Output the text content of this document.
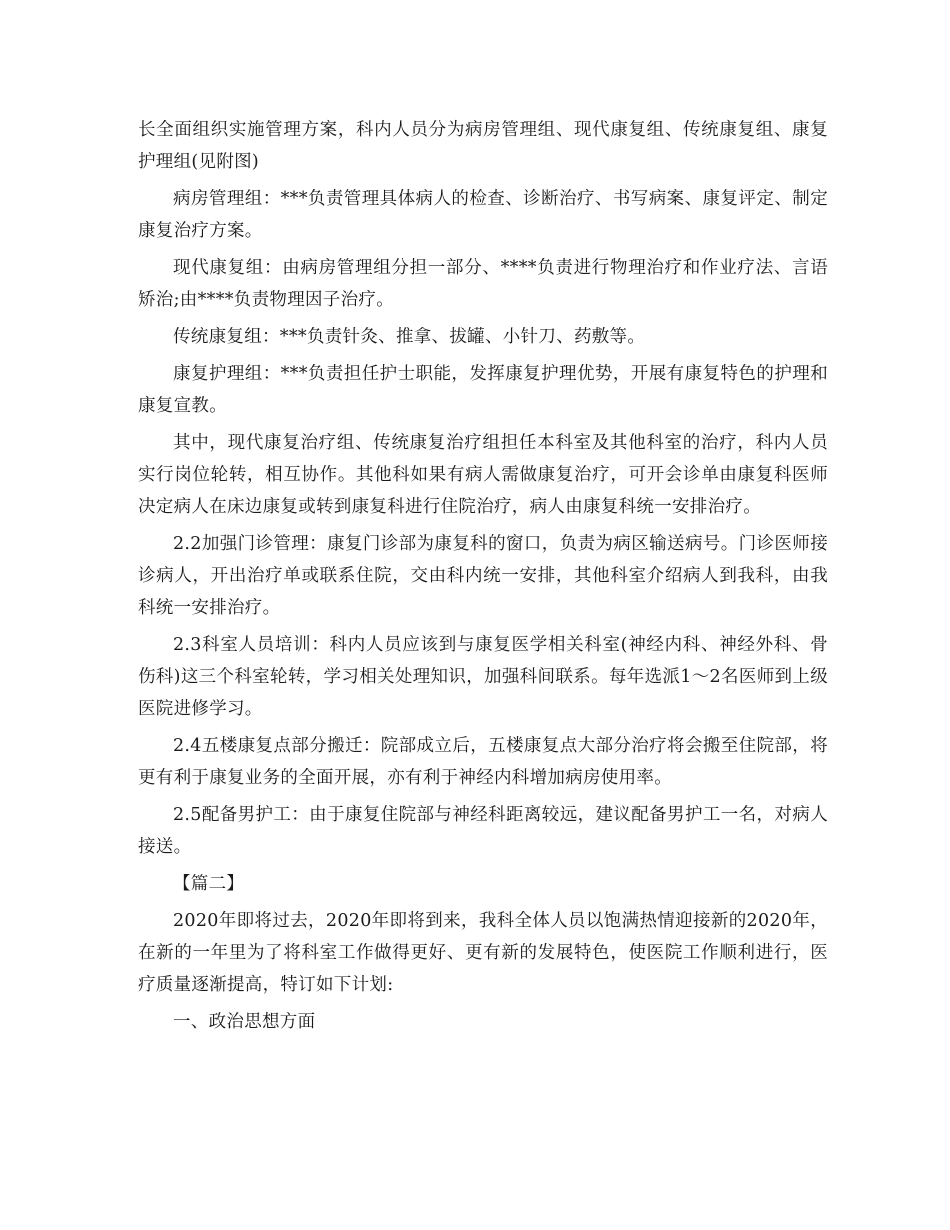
长全面组织实施管理方案，科内人员分为病房管理组、现代康复组、传统康复组、康复护理组(见附图)

病房管理组：***负责管理具体病人的检查、诊断治疗、书写病案、康复评定、制定康复治疗方案。

现代康复组：由病房管理组分担一部分、****负责进行物理治疗和作业疗法、言语矫治;由****负责物理因子治疗。

传统康复组：***负责针灸、推拿、拔罐、小针刀、药敷等。

康复护理组：***负责担任护士职能，发挥康复护理优势，开展有康复特色的护理和康复宣教。

其中，现代康复治疗组、传统康复治疗组担任本科室及其他科室的治疗，科内人员实行岗位轮转，相互协作。其他科如果有病人需做康复治疗，可开会诊单由康复科医师决定病人在床边康复或转到康复科进行住院治疗，病人由康复科统一安排治疗。

2.2加强门诊管理：康复门诊部为康复科的窗口，负责为病区输送病号。门诊医师接诊病人，开出治疗单或联系住院，交由科内统一安排，其他科室介绍病人到我科，由我科统一安排治疗。

2.3科室人员培训：科内人员应该到与康复医学相关科室(神经内科、神经外科、骨伤科)这三个科室轮转，学习相关处理知识，加强科间联系。每年选派1～2名医师到上级医院进修学习。

2.4五楼康复点部分搬迁：院部成立后，五楼康复点大部分治疗将会搬至住院部，将更有利于康复业务的全面开展，亦有利于神经内科增加病房使用率。

2.5配备男护工：由于康复住院部与神经科距离较远，建议配备男护工一名，对病人接送。

【篇二】

2020年即将过去，2020年即将到来，我科全体人员以饱满热情迎接新的2020年，在新的一年里为了将科室工作做得更好、更有新的发展特色，使医院工作顺利进行，医疗质量逐渐提高，特订如下计划:

一、政治思想方面
